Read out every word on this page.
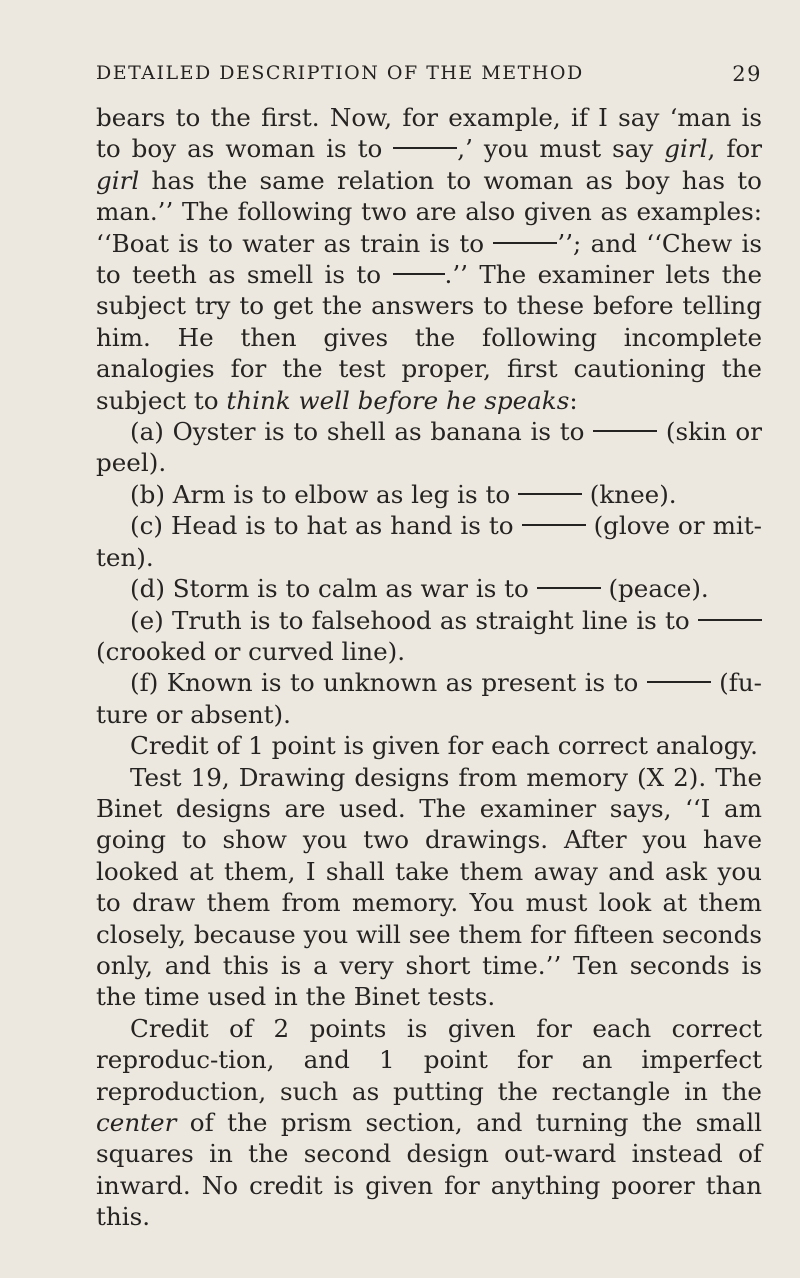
DETAILED DESCRIPTION OF THE METHOD	29

bears to the first. Now, for example, if I say ‘man is to boy as woman is to	,’ you must say girl, for girl has the same relation to woman as boy has to man.’’ The following two are also given as examples: ‘‘Boat is to water as train is to	’’; and ‘‘Chew is to teeth as smell is to .’’ The examiner lets the subject try to get the answers to these before telling him. He then gives the following incomplete analogies for the test proper, first cautioning the subject to think well before he speaks:

(a) Oyster is to shell as banana is to	(skin or peel).

(b) Arm is to elbow as leg is to	(knee).

(c) Head is to hat as hand is to	(glove or mit-ten).

(d) Storm is to calm as war is to	(peace).

(e) Truth is to falsehood as straight line is to  (crooked or curved line).

(f) Known is to unknown as present is to	(fu-ture or absent).

Credit of 1 point is given for each correct analogy.

Test 19, Drawing designs from memory (X 2). The Binet designs are used. The examiner says, ‘‘I am going to show you two drawings. After you have looked at them, I shall take them away and ask you to draw them from memory. You must look at them closely, because you will see them for fifteen seconds only, and this is a very short time.’’ Ten seconds is the time used in the Binet tests.

Credit of 2 points is given for each correct reproduc-tion, and 1 point for an imperfect reproduction, such as putting the rectangle in the center of the prism section, and turning the small squares in the second design out-ward instead of inward. No credit is given for anything poorer than this.
